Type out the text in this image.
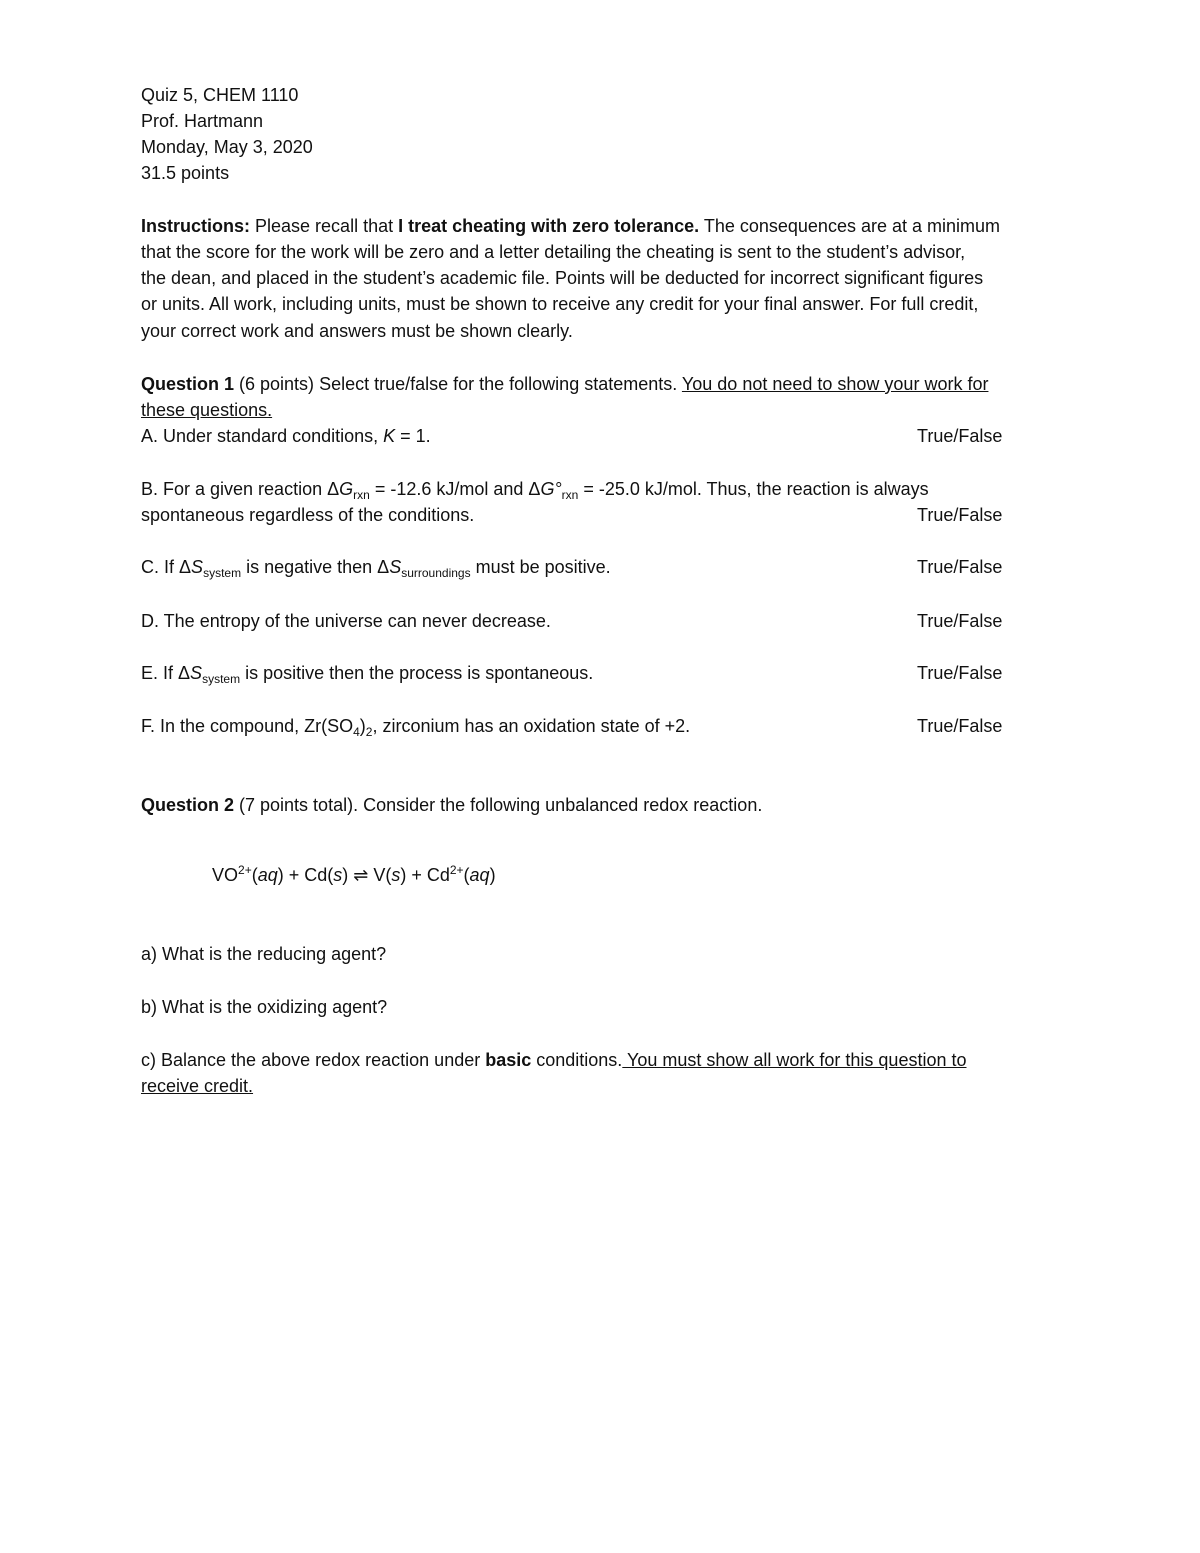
Quiz 5, CHEM 1110
Prof. Hartmann
Monday, May 3, 2020
31.5 points
Instructions: Please recall that I treat cheating with zero tolerance. The consequences are at a minimum
that the score for the work will be zero and a letter detailing the cheating is sent to the student’s advisor,
the dean, and placed in the student’s academic file. Points will be deducted for incorrect significant figures
or units. All work, including units, must be shown to receive any credit for your final answer. For full credit,
your correct work and answers must be shown clearly.
Question 1 (6 points) Select true/false for the following statements. You do not need to show your work for
these questions.
A. Under standard conditions, K = 1.	True/False
B. For a given reaction $\Delta G_{rxn} = -12.6$ kJ/mol and $\Delta G^\circ_{rxn} = -25.0$ kJ/mol. Thus, the reaction is always
spontaneous regardless of the conditions.	True/False
C. If $\Delta S_{system}$ is negative then $\Delta S_{surroundings}$ must be positive.	True/False
D. The entropy of the universe can never decrease.	True/False
E. If $\Delta S_{system}$ is positive then the process is spontaneous.	True/False
F. In the compound, $Zr(SO_4)_2$, zirconium has an oxidation state of +2.	True/False
Question 2 (7 points total). Consider the following unbalanced redox reaction.
$VO^{2+}(aq) + Cd(s)$ ⇌ $V(s) + Cd^{2+}(aq)$
a) What is the reducing agent?
b) What is the oxidizing agent?
c) Balance the above redox reaction under basic conditions. You must show all work for this question to
receive credit.
